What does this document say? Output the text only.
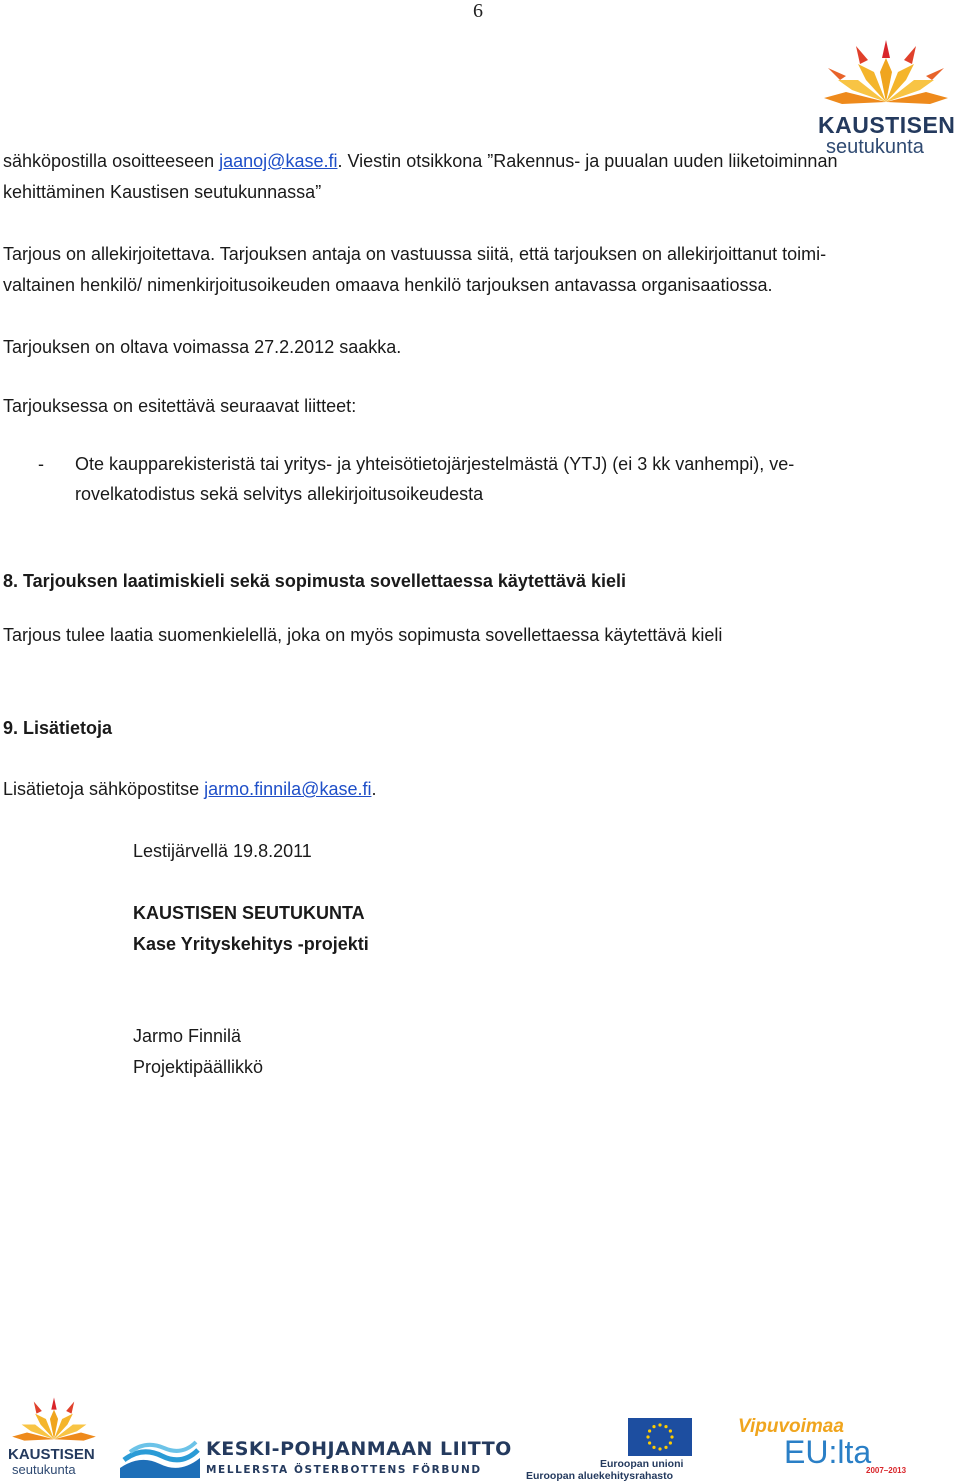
6
KAUSTISEN
seutukunta
sähköpostilla osoitteeseen jaanoj@kase.fi. Viestin otsikkona ”Rakennus- ja puualan uuden liiketoiminnan
kehittäminen Kaustisen seutukunnassa”
Tarjous on allekirjoitettava. Tarjouksen antaja on vastuussa siitä, että tarjouksen on allekirjoittanut toimi-
valtainen henkilö/ nimenkirjoitusoikeuden omaava henkilö tarjouksen antavassa organisaatiossa.
Tarjouksen on oltava voimassa 27.2.2012 saakka.
Tarjouksessa on esitettävä seuraavat liitteet:
- Ote kaupparekisteristä tai yritys- ja yhteisötietojärjestelmästä (YTJ) (ei 3 kk vanhempi), ve-
rovelkatodistus sekä selvitys allekirjoitusoikeudesta
8. Tarjouksen laatimiskieli sekä sopimusta sovellettaessa käytettävä kieli
Tarjous tulee laatia suomenkielellä, joka on myös sopimusta sovellettaessa käytettävä kieli
9. Lisätietoja
Lisätietoja sähköpostitse jarmo.finnila@kase.fi.
Lestijärvellä 19.8.2011
KAUSTISEN SEUTUKUNTA
Kase Yrityskehitys -projekti
Jarmo Finnilä
Projektipäällikkö
KAUSTISEN
seutukunta
KESKI-POHJANMAAN LIITTO
MELLERSTA ÖSTERBOTTENS FÖRBUND	Euroopan unioni
Euroopan aluekehitysrahasto
Vipuvoimaa
EU:lta
2007–2013
